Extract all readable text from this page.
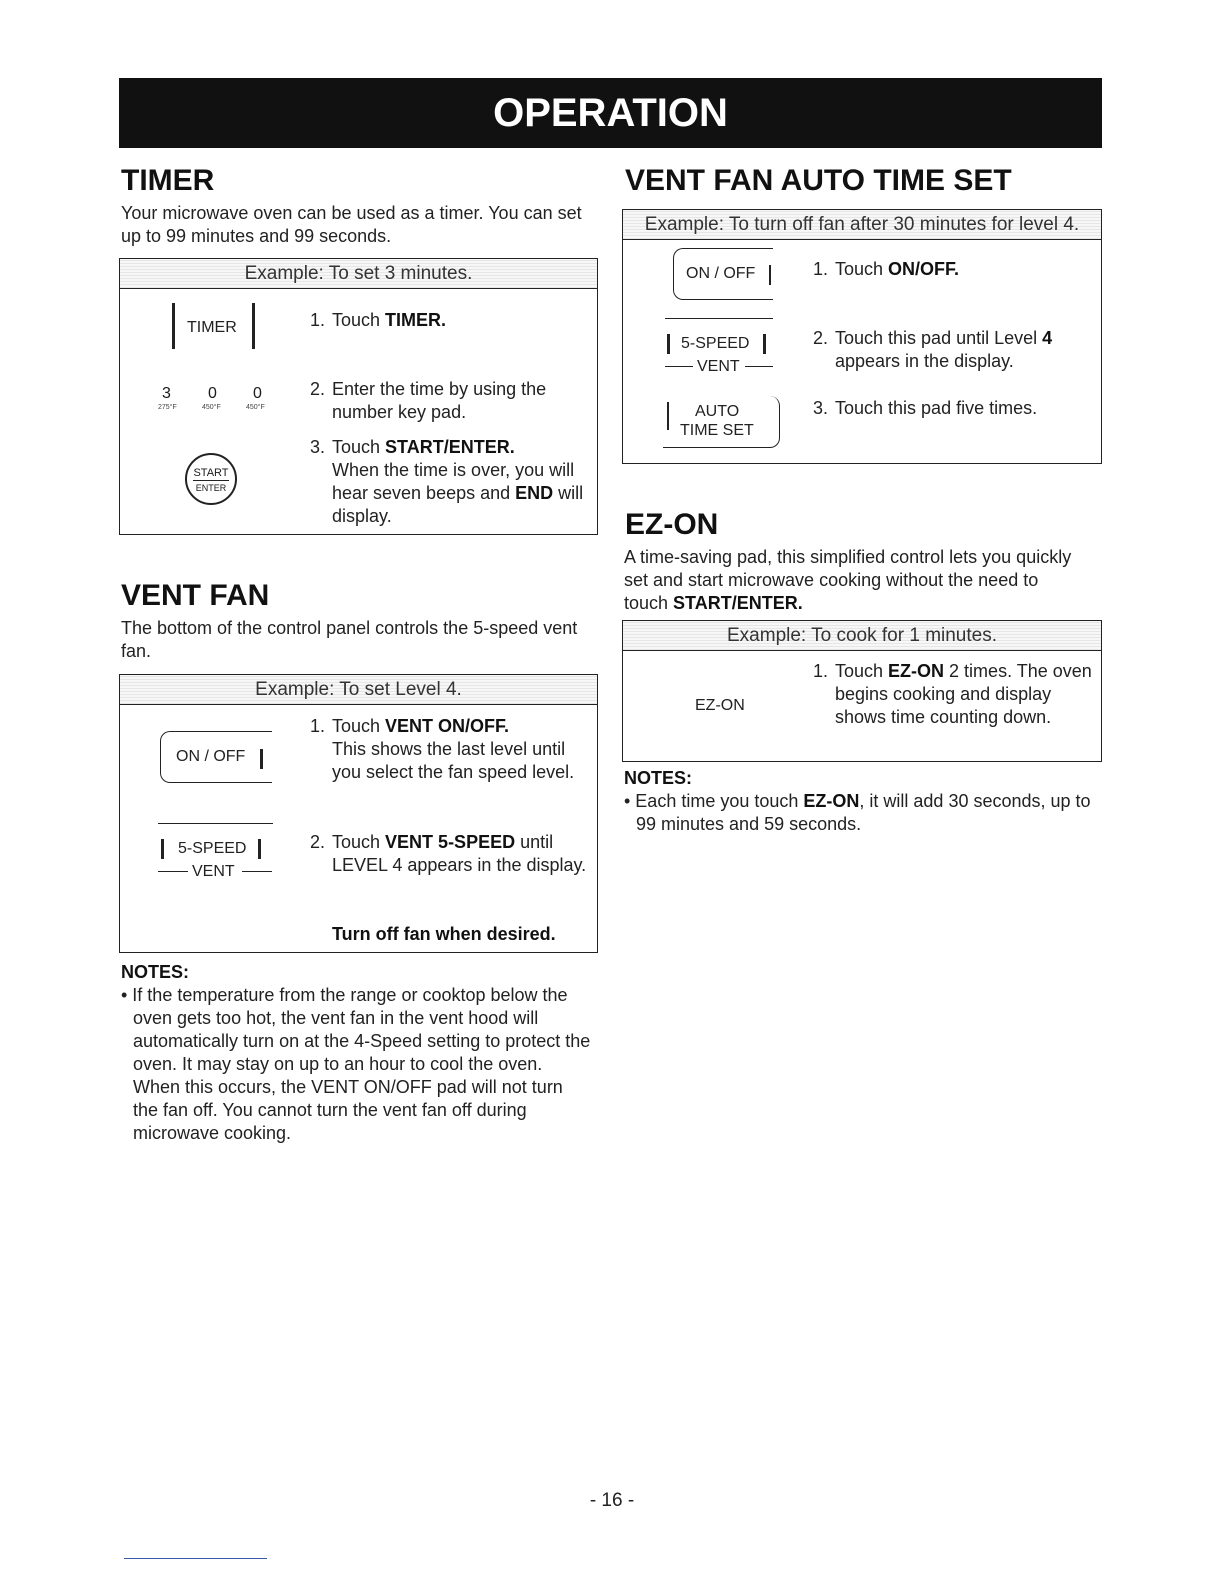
OPERATION
TIMER
Your microwave oven can be used as a timer. You can set up to 99 minutes and 99 seconds.
Example: To set 3 minutes.
TIMER
3 0 0
275°F	450°F	450°F
START
ENTER
1. Touch TIMER.
2. Enter the time by using the number key pad.
3. Touch START/ENTER.
When the time is over, you will hear seven beeps and END will display.
VENT FAN
The bottom of the control panel controls the 5-speed vent fan.
Example: To set Level 4.
ON / OFF
5-SPEED
VENT
1. Touch VENT ON/OFF.
This shows the last level until you select the fan speed level.
2. Touch VENT 5-SPEED until LEVEL 4 appears in the display.
Turn off fan when desired.
NOTES:
• If the temperature from the range or cooktop below the oven gets too hot, the vent fan in the vent hood will automatically turn on at the 4-Speed setting to protect the oven. It may stay on up to an hour to cool the oven. When this occurs, the VENT ON/OFF pad will not turn the fan off. You cannot turn the vent fan off during microwave cooking.
VENT FAN AUTO TIME SET
Example: To turn off fan after 30 minutes for level 4.
ON / OFF
5-SPEED
VENT
AUTO
TIME SET
1. Touch ON/OFF.
2. Touch this pad until Level 4 appears in the display.
3. Touch this pad five times.
EZ-ON
A time-saving pad, this simplified control lets you quickly set and start microwave cooking without the need to touch START/ENTER.
Example: To cook for 1 minutes.
EZ-ON
1. Touch EZ-ON 2 times. The oven begins cooking and display shows time counting down.
NOTES:
• Each time you touch EZ-ON, it will add 30 seconds, up to 99 minutes and 59 seconds.
- 16 -
